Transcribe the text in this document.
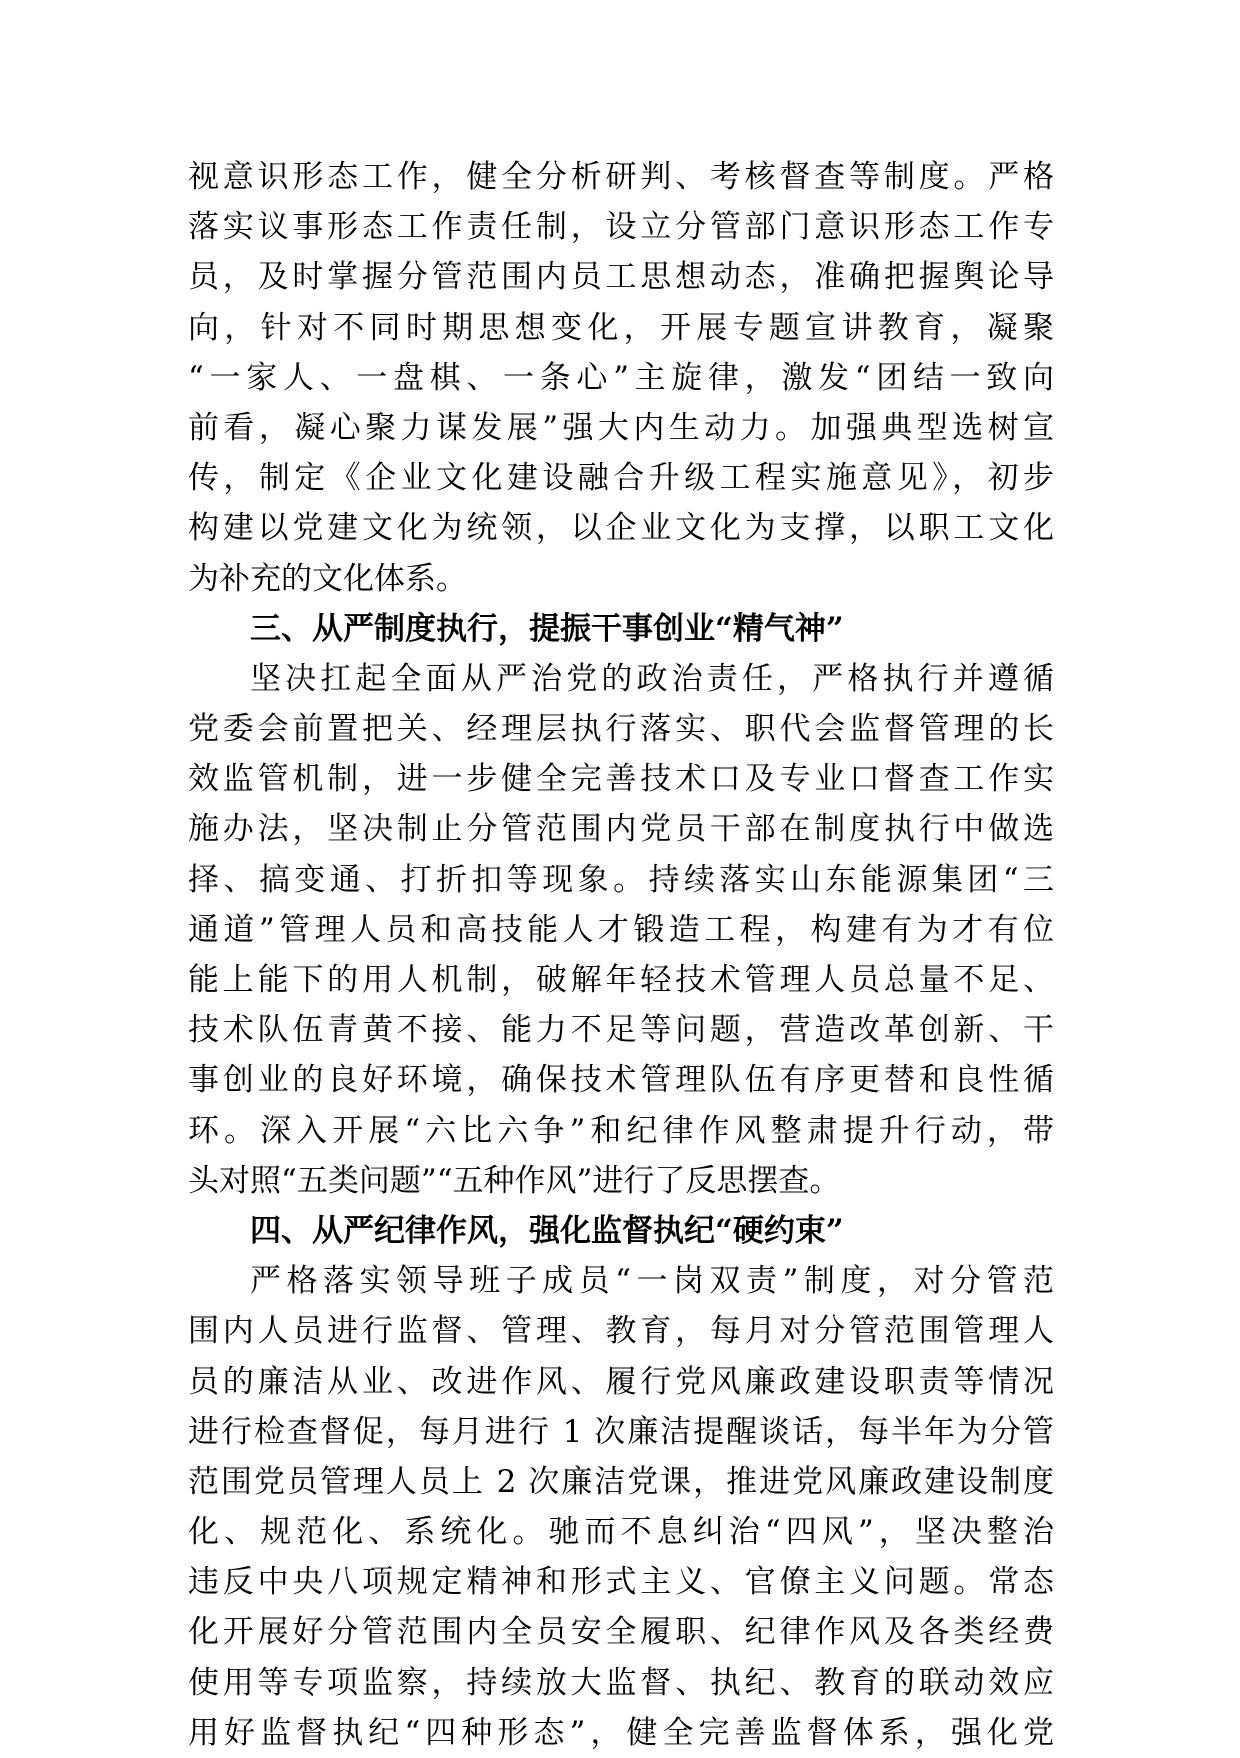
视意识形态工作，健全分析研判、考核督查等制度。严格
落实议事形态工作责任制，设立分管部门意识形态工作专
员，及时掌握分管范围内员工思想动态，准确把握舆论导
向，针对不同时期思想变化，开展专题宣讲教育，凝聚
“一家人、一盘棋、一条心”主旋律，激发“团结一致向
前看，凝心聚力谋发展”强大内生动力。加强典型选树宣
传，制定《企业文化建设融合升级工程实施意见》，初步
构建以党建文化为统领，以企业文化为支撑，以职工文化
为补充的文化体系。
三、从严制度执行，提振干事创业“精气神”
坚决扛起全面从严治党的政治责任，严格执行并遵循
党委会前置把关、经理层执行落实、职代会监督管理的长
效监管机制，进一步健全完善技术口及专业口督查工作实
施办法，坚决制止分管范围内党员干部在制度执行中做选
择、搞变通、打折扣等现象。持续落实山东能源集团“三
通道”管理人员和高技能人才锻造工程，构建有为才有位
能上能下的用人机制，破解年轻技术管理人员总量不足、
技术队伍青黄不接、能力不足等问题，营造改革创新、干
事创业的良好环境，确保技术管理队伍有序更替和良性循
环。深入开展“六比六争”和纪律作风整肃提升行动，带
头对照“五类问题”“五种作风”进行了反思摆查。
四、从严纪律作风，强化监督执纪“硬约束”
严格落实领导班子成员“一岗双责”制度，对分管范
围内人员进行监督、管理、教育，每月对分管范围管理人
员的廉洁从业、改进作风、履行党风廉政建设职责等情况
进行检查督促，每月进行 1 次廉洁提醒谈话，每半年为分管
范围党员管理人员上 2 次廉洁党课，推进党风廉政建设制度
化、规范化、系统化。驰而不息纠治“四风”，坚决整治
违反中央八项规定精神和形式主义、官僚主义问题。常态
化开展好分管范围内全员安全履职、纪律作风及各类经费
使用等专项监察，持续放大监督、执纪、教育的联动效应
用好监督执纪“四种形态”，健全完善监督体系，强化党
